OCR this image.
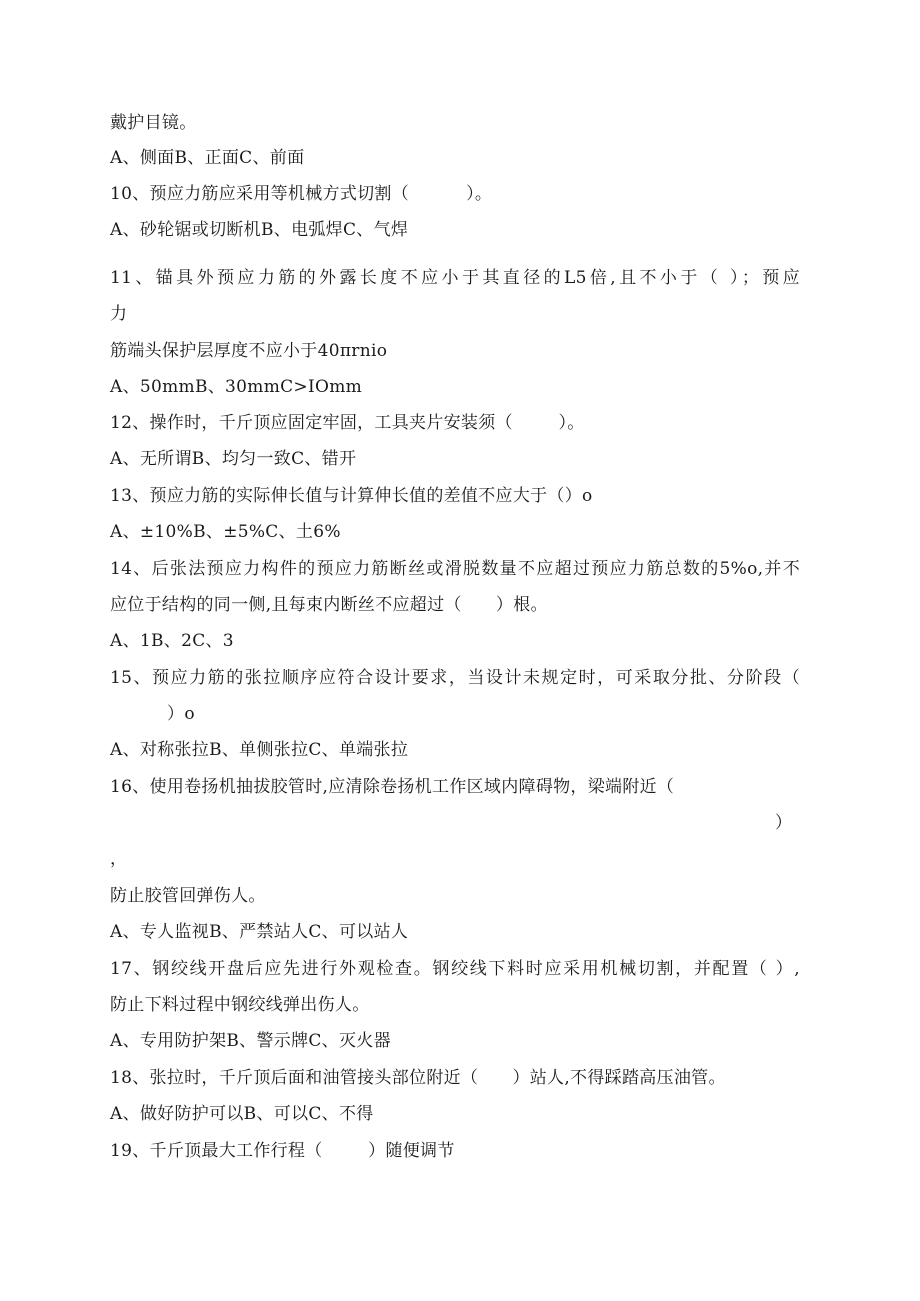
戴护目镜。
A、侧面B、正面C、前面
10、预应力筋应采用等机械方式切割（          ）。
A、砂轮锯或切断机B、电弧焊C、气焊
11、锚具外预应力筋的外露长度不应小于其直径的L5倍,且不小于（ ）；预应
力
筋端头保护层厚度不应小于40πrnio
A、50mmB、30mmC>IOmm
12、操作时，千斤顶应固定牢固，工具夹片安装须（        ）。
A、无所谓B、均匀一致C、错开
13、预应力筋的实际伸长值与计算伸长值的差值不应大于（）o
A、±10%B、±5%C、土6%
14、后张法预应力构件的预应力筋断丝或滑脱数量不应超过预应力筋总数的5%o,并不
应位于结构的同一侧,且每束内断丝不应超过（      ）根。
A、1B、2C、3
15、预应力筋的张拉顺序应符合设计要求，当设计未规定时，可采取分批、分阶段（
）o
A、对称张拉B、单侧张拉C、单端张拉
16、使用卷扬机抽拔胶管时,应清除卷扬机工作区域内障碍物，梁端附近（
）
，
防止胶管回弹伤人。
A、专人监视B、严禁站人C、可以站人
17、钢绞线开盘后应先进行外观检查。钢绞线下料时应采用机械切割，并配置（ ）,
防止下料过程中钢绞线弹出伤人。
A、专用防护架B、警示牌C、灭火器
18、张拉时，千斤顶后面和油管接头部位附近（      ）站人,不得踩踏高压油管。
A、做好防护可以B、可以C、不得
19、千斤顶最大工作行程（        ）随便调节
